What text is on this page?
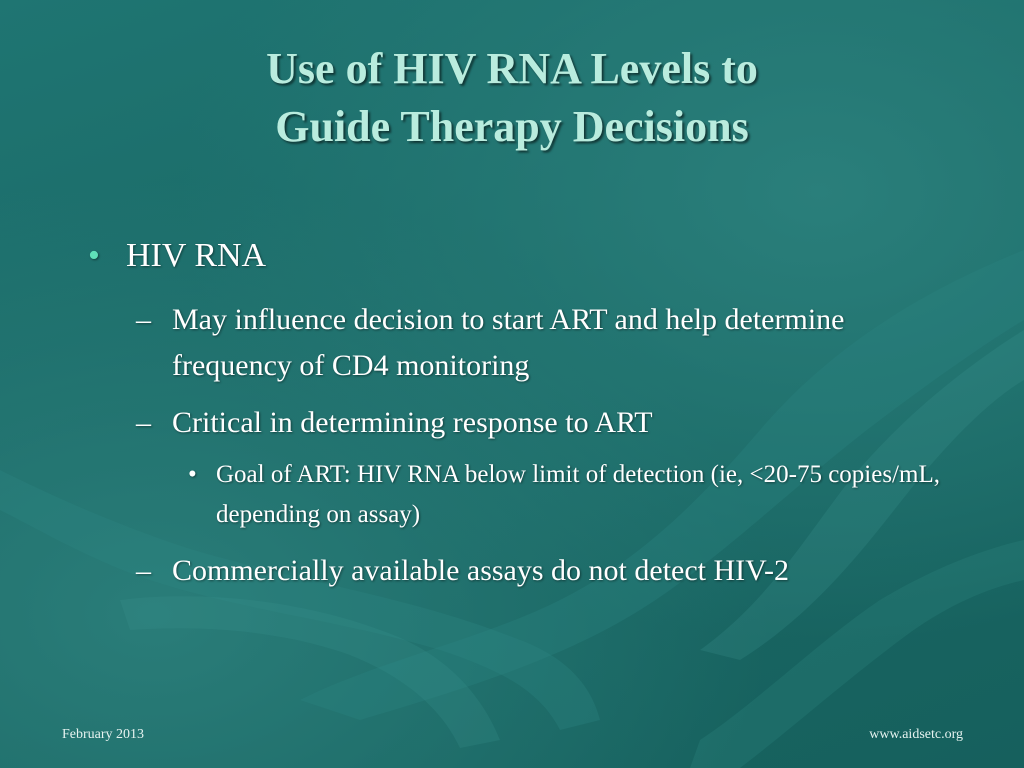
Use of HIV RNA Levels to
Guide Therapy Decisions
• HIV RNA
– May influence decision to start ART and help determine frequency of CD4 monitoring
– Critical in determining response to ART
• Goal of ART: HIV RNA below limit of detection (ie, <20-75 copies/mL, depending on assay)
– Commercially available assays do not detect HIV-2
February 2013	www.aidsetc.org
